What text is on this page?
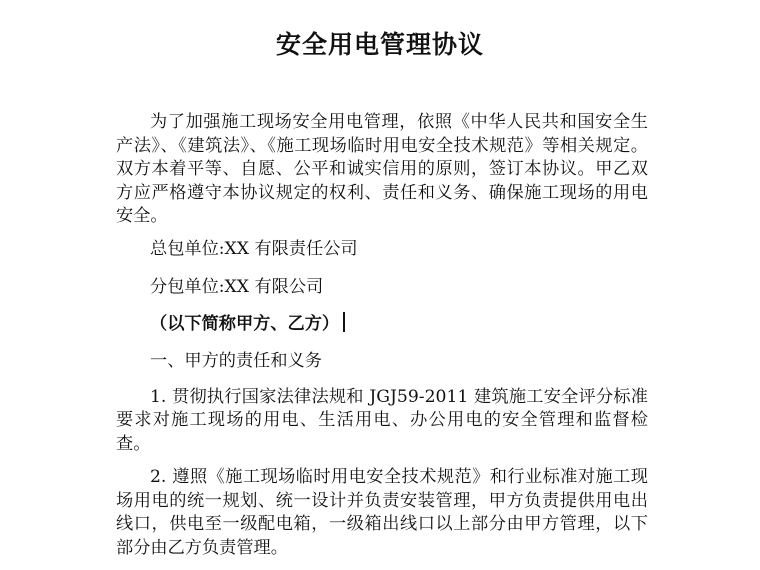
安全用电管理协议

为了加强施工现场安全用电管理，依照《中华人民共和国安全生产法》、《建筑法》、《施工现场临时用电安全技术规范》等相关规定。双方本着平等、自愿、公平和诚实信用的原则，签订本协议。甲乙双方应严格遵守本协议规定的权利、责任和义务、确保施工现场的用电安全。

总包单位:XX 有限责任公司

分包单位:XX 有限公司

（以下简称甲方、乙方）

一、甲方的责任和义务

1. 贯彻执行国家法律法规和 JGJ59-2011 建筑施工安全评分标准要求对施工现场的用电、生活用电、办公用电的安全管理和监督检查。

2. 遵照《施工现场临时用电安全技术规范》和行业标准对施工现场用电的统一规划、统一设计并负责安装管理，甲方负责提供用电出线口，供电至一级配电箱，一级箱出线口以上部分由甲方管理，以下部分由乙方负责管理。
